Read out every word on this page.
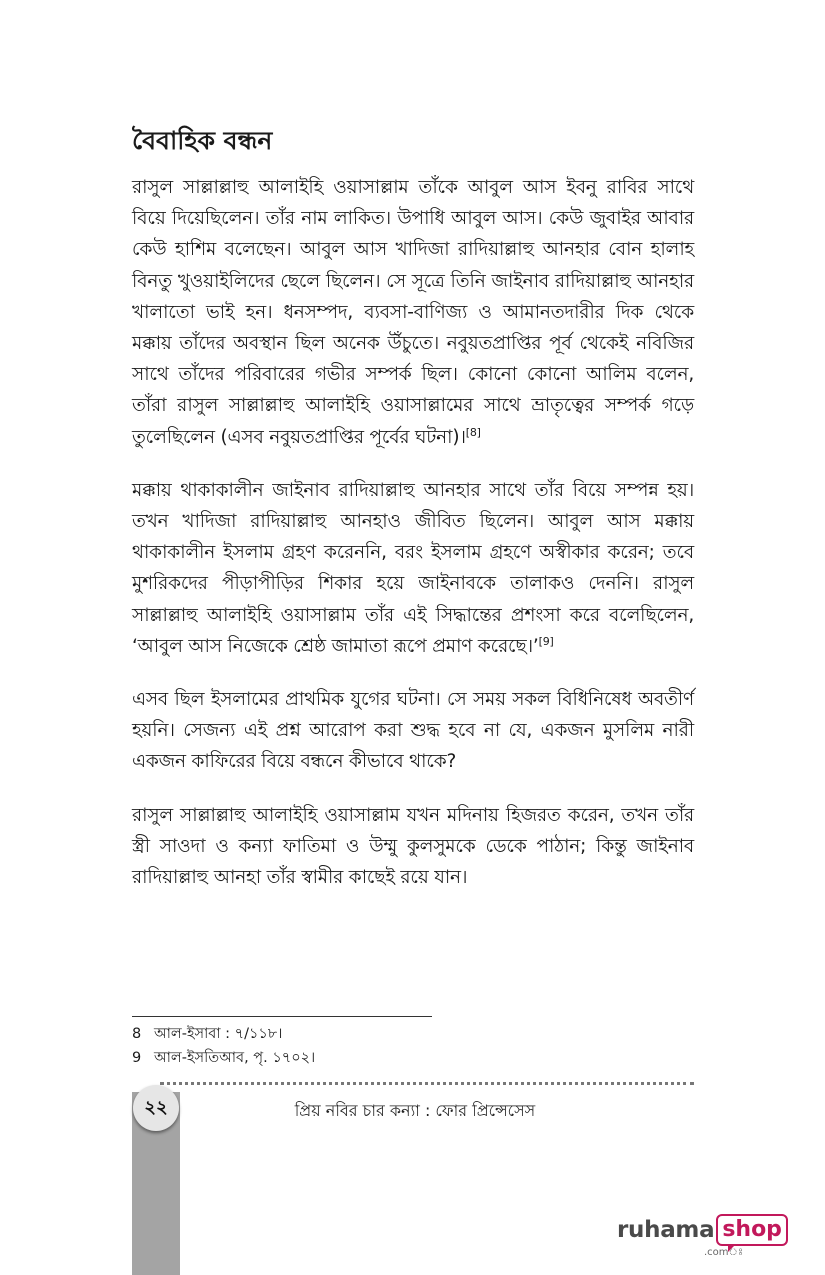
বৈবাহিক বন্ধন

রাসুল সাল্লাল্লাহু আলাইহি ওয়াসাল্লাম তাঁকে আবুল আস ইবনু রাবির সাথে বিয়ে দিয়েছিলেন। তাঁর নাম লাকিত। উপাধি আবুল আস। কেউ জুবাইর আবার কেউ হাশিম বলেছেন। আবুল আস খাদিজা রাদিয়াল্লাহু আনহার বোন হালাহ বিনতু খুওয়াইলিদের ছেলে ছিলেন। সে সূত্রে তিনি জাইনাব রাদিয়াল্লাহু আনহার খালাতো ভাই হন। ধনসম্পদ, ব্যবসা-বাণিজ্য ও আমানতদারীর দিক থেকে মক্কায় তাঁদের অবস্থান ছিল অনেক উঁচুতে। নবুয়তপ্রাপ্তির পূর্ব থেকেই নবিজির সাথে তাঁদের পরিবারের গভীর সম্পর্ক ছিল। কোনো কোনো আলিম বলেন, তাঁরা রাসুল সাল্লাল্লাহু আলাইহি ওয়াসাল্লামের সাথে ভ্রাতৃত্বের সম্পর্ক গড়ে তুলেছিলেন (এসব নবুয়তপ্রাপ্তির পূর্বের ঘটনা)।[8]

মক্কায় থাকাকালীন জাইনাব রাদিয়াল্লাহু আনহার সাথে তাঁর বিয়ে সম্পন্ন হয়। তখন খাদিজা রাদিয়াল্লাহু আনহাও জীবিত ছিলেন। আবুল আস মক্কায় থাকাকালীন ইসলাম গ্রহণ করেননি, বরং ইসলাম গ্রহণে অস্বীকার করেন; তবে মুশরিকদের পীড়াপীড়ির শিকার হয়ে জাইনাবকে তালাকও দেননি। রাসুল সাল্লাল্লাহু আলাইহি ওয়াসাল্লাম তাঁর এই সিদ্ধান্তের প্রশংসা করে বলেছিলেন, ‘আবুল আস নিজেকে শ্রেষ্ঠ জামাতা রূপে প্রমাণ করেছে।’[9]

এসব ছিল ইসলামের প্রাথমিক যুগের ঘটনা। সে সময় সকল বিধিনিষেধ অবতীর্ণ হয়নি। সেজন্য এই প্রশ্ন আরোপ করা শুদ্ধ হবে না যে, একজন মুসলিম নারী একজন কাফিরের বিয়ে বন্ধনে কীভাবে থাকে?

রাসুল সাল্লাল্লাহু আলাইহি ওয়াসাল্লাম যখন মদিনায় হিজরত করেন, তখন তাঁর স্ত্রী সাওদা ও কন্যা ফাতিমা ও উম্মু কুলসুমকে ডেকে পাঠান; কিন্তু জাইনাব রাদিয়াল্লাহু আনহা তাঁর স্বামীর কাছেই রয়ে যান।

8 আল-ইসাবা : ৭/১১৮।
9 আল-ইসতিআব, পৃ. ১৭০২।
২২	প্রিয় নবির চার কন্যা : ফোর প্রিন্সেসেস
ruhama shop
.comঃ
